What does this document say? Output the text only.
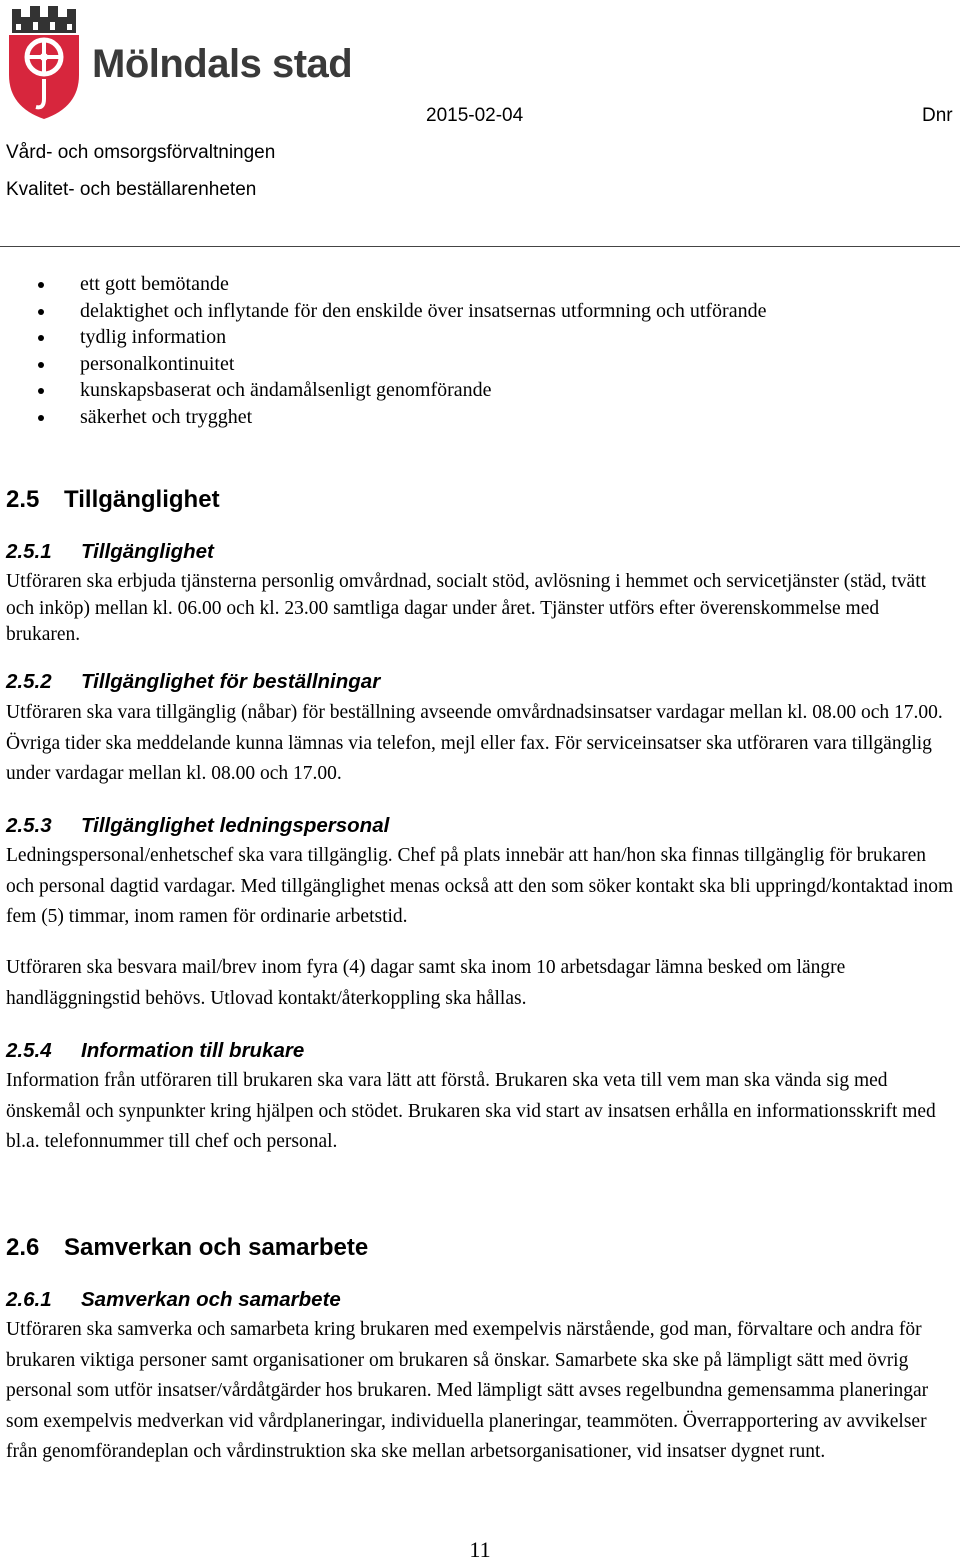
Mölndals stad
2015-02-04	Dnr
Vård- och omsorgsförvaltningen
Kvalitet- och beställarenheten
ett gott bemötande
delaktighet och inflytande för den enskilde över insatsernas utformning och utförande
tydlig information
personalkontinuitet
kunskapsbaserat och ändamålsenligt genomförande
säkerhet och trygghet
2.5 Tillgänglighet
2.5.1 Tillgänglighet

Utföraren ska erbjuda tjänsterna personlig omvårdnad, socialt stöd, avlösning i hemmet och servicetjänster (städ, tvätt och inköp) mellan kl. 06.00 och kl. 23.00 samtliga dagar under året. Tjänster utförs efter överenskommelse med brukaren.

2.5.2 Tillgänglighet för beställningar

Utföraren ska vara tillgänglig (nåbar) för beställning avseende omvårdnadsinsatser vardagar mellan kl. 08.00 och 17.00. Övriga tider ska meddelande kunna lämnas via telefon, mejl eller fax. För serviceinsatser ska utföraren vara tillgänglig under vardagar mellan kl. 08.00 och 17.00.

2.5.3 Tillgänglighet ledningspersonal

Ledningspersonal/enhetschef ska vara tillgänglig. Chef på plats innebär att han/hon ska finnas tillgänglig för brukaren och personal dagtid vardagar. Med tillgänglighet menas också att den som söker kontakt ska bli uppringd/kontaktad inom fem (5) timmar, inom ramen för ordinarie arbetstid.

Utföraren ska besvara mail/brev inom fyra (4) dagar samt ska inom 10 arbetsdagar lämna besked om längre handläggningstid behövs. Utlovad kontakt/återkoppling ska hållas.

2.5.4 Information till brukare

Information från utföraren till brukaren ska vara lätt att förstå. Brukaren ska veta till vem man ska vända sig med önskemål och synpunkter kring hjälpen och stödet. Brukaren ska vid start av insatsen erhålla en informationsskrift med bl.a. telefonnummer till chef och personal.

2.6 Samverkan och samarbete
2.6.1 Samverkan och samarbete

Utföraren ska samverka och samarbeta kring brukaren med exempelvis närstående, god man, förvaltare och andra för brukaren viktiga personer samt organisationer om brukaren så önskar. Samarbete ska ske på lämpligt sätt med övrig personal som utför insatser/vårdåtgärder hos brukaren. Med lämpligt sätt avses regelbundna gemensamma planeringar som exempelvis medverkan vid vårdplaneringar, individuella planeringar, teammöten. Överrapportering av avvikelser från genomförandeplan och vårdinstruktion ska ske mellan arbetsorganisationer, vid insatser dygnet runt.

11
